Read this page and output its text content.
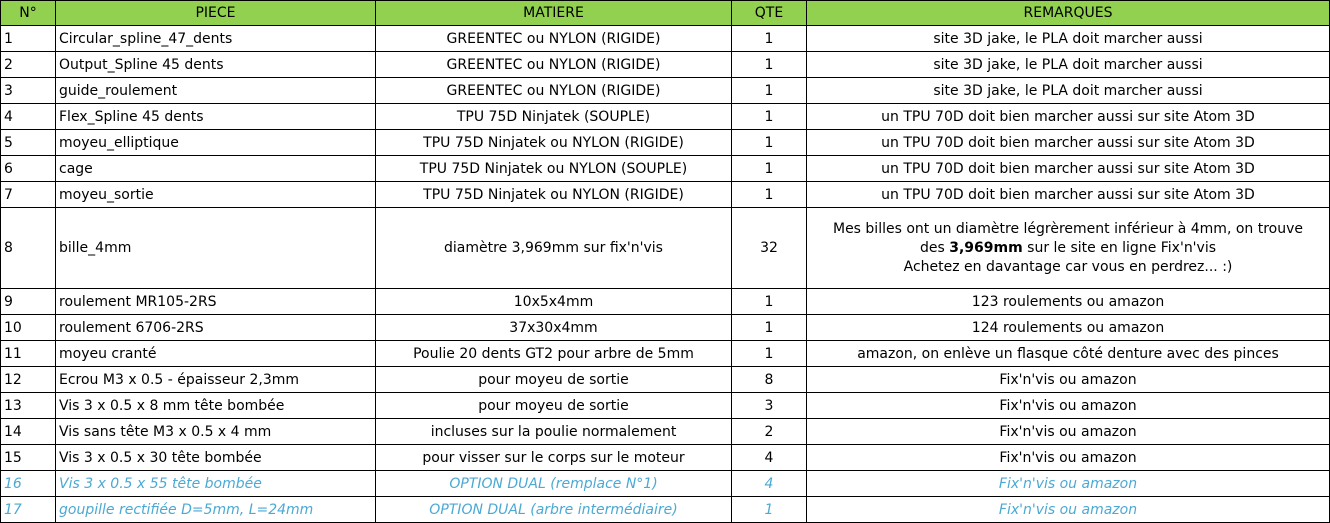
N°	PIECE	MATIERE	QTE	REMARQUES
1	Circular_spline_47_dents	GREENTEC ou NYLON (RIGIDE)	1	site 3D jake, le PLA doit marcher aussi
2	Output_Spline 45 dents	GREENTEC ou NYLON (RIGIDE)	1	site 3D jake, le PLA doit marcher aussi
3	guide_roulement	GREENTEC ou NYLON (RIGIDE)	1	site 3D jake, le PLA doit marcher aussi
4	Flex_Spline 45 dents	TPU 75D Ninjatek (SOUPLE)	1	un TPU 70D doit bien marcher aussi sur site Atom 3D
5	moyeu_elliptique	TPU 75D Ninjatek ou NYLON (RIGIDE)	1	un TPU 70D doit bien marcher aussi sur site Atom 3D
6	cage	TPU 75D Ninjatek ou NYLON (SOUPLE)	1	un TPU 70D doit bien marcher aussi sur site Atom 3D
7	moyeu_sortie	TPU 75D Ninjatek ou NYLON (RIGIDE)	1	un TPU 70D doit bien marcher aussi sur site Atom 3D
8	bille_4mm	diamètre 3,969mm sur fix'n'vis	32	Mes billes ont un diamètre légrèrement inférieur à 4mm, on trouve
des 3,969mm sur le site en ligne Fix'n'vis
Achetez en davantage car vous en perdrez... :)

9	roulement MR105-2RS	10x5x4mm	1	123 roulements ou amazon
10	roulement 6706-2RS	37x30x4mm	1	124 roulements ou amazon
11	moyeu cranté	Poulie 20 dents GT2 pour arbre de 5mm	1	amazon, on enlève un flasque côté denture avec des pinces
12	Ecrou M3 x 0.5 - épaisseur 2,3mm	pour moyeu de sortie	8	Fix'n'vis ou amazon
13	Vis 3 x 0.5 x 8 mm tête bombée	pour moyeu de sortie	3	Fix'n'vis ou amazon
14	Vis sans tête M3 x 0.5 x 4 mm	incluses sur la poulie normalement	2	Fix'n'vis ou amazon
15	Vis 3 x 0.5 x 30 tête bombée	pour visser sur le corps sur le moteur	4	Fix'n'vis ou amazon
16	Vis 3 x 0.5 x 55 tête bombée	OPTION DUAL (remplace N°1)	4	Fix'n'vis ou amazon
17	goupille rectifiée D=5mm, L=24mm	OPTION DUAL (arbre intermédiaire)	1	Fix'n'vis ou amazon
